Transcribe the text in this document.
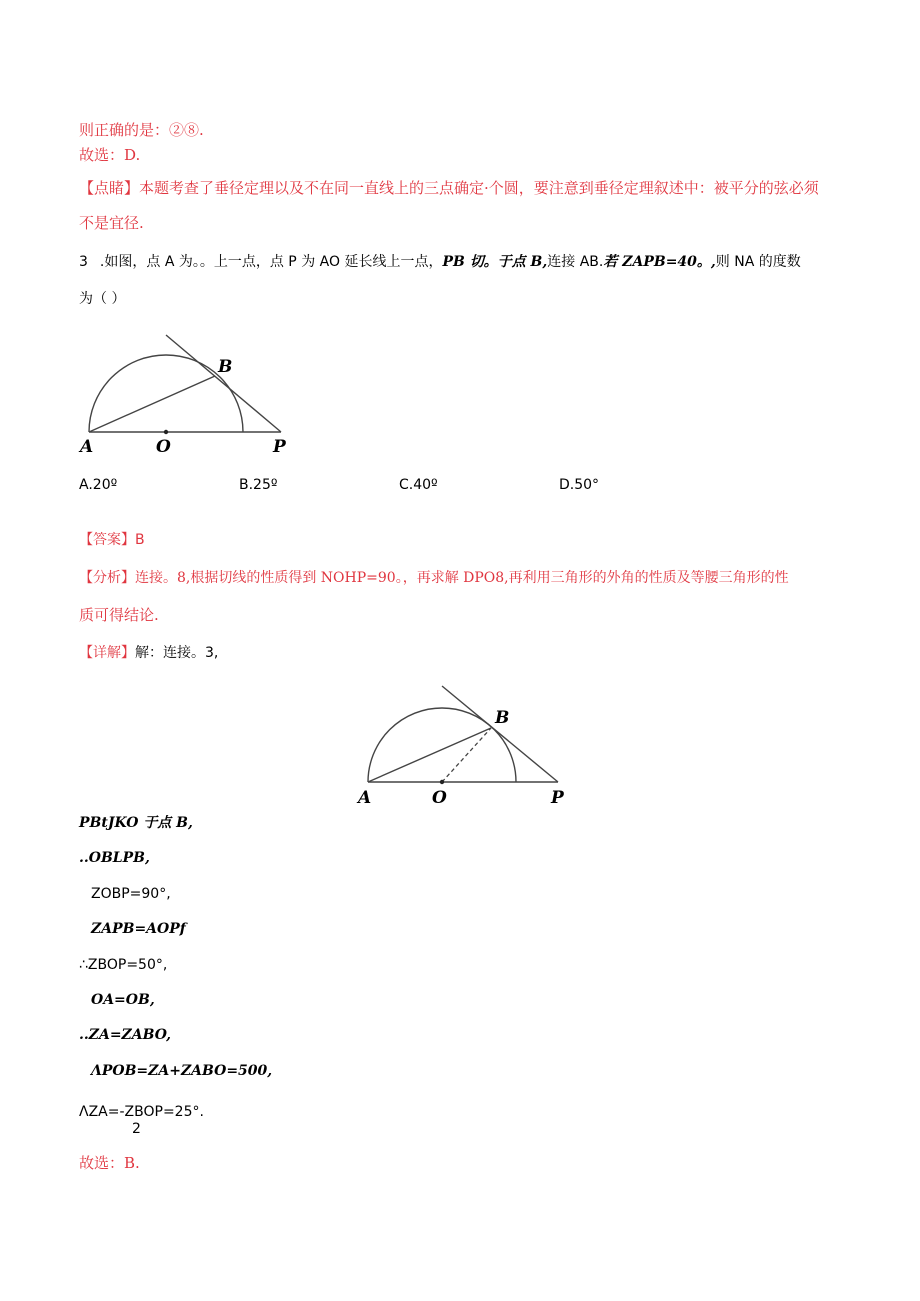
则正确的是：②⑧.
故选：D.
【点睹】本题考查了垂径定理以及不在同一直线上的三点确定·个圆，要注意到垂径定理叙述中：被平分的弦必须
不是宜径.
3 .如图，点 A 为。。上一点，点 P 为 AO 延长线上一点，PB 切。于点 B,连接 AB.若 ZAPB=40。,则 NA 的度数
为（ ）
A	O
B
P
A.20º	B.25º	C.40º	D.50°
【答案】B
【分析】连接。8,根据切线的性质得到 NOHP=90。，再求解 DPO8,再利用三角形的外角的性质及等腰三角形的性
质可得结论.
【详解】解：连接。3,
A	O
B
P
PBtJKO 于点 B,
..OBLPB,
ZOBP=90°,
ZAPB=AOPf
∴ZBOP=50°,
OA=OB,
..ZA=ZABO,
ΛPOB=ZA+ZABO=500,
ΛZA=-ZBOP=25°.
2
故选：B.
